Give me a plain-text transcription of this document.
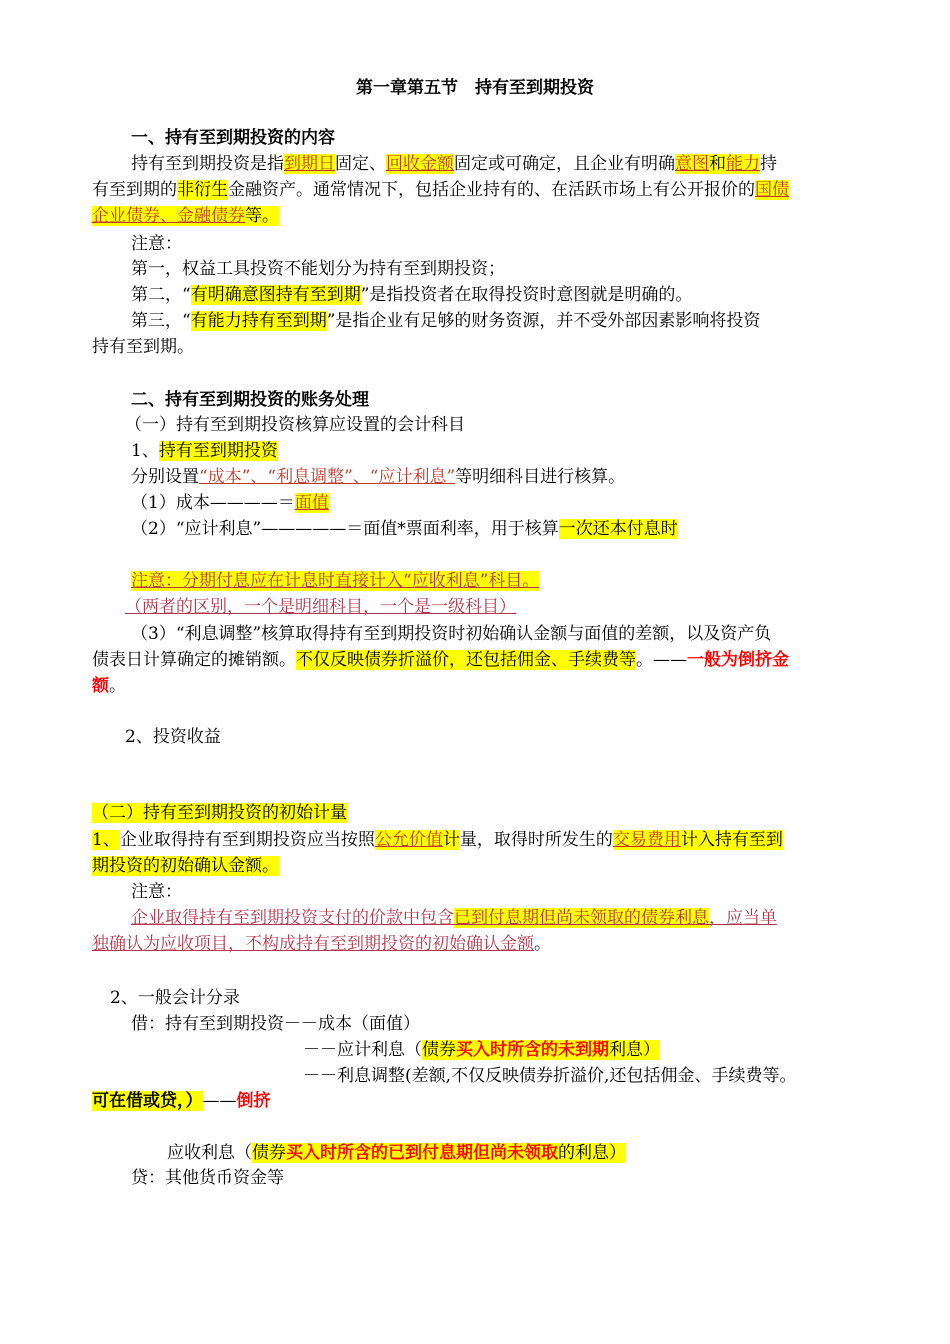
第一章第五节　持有至到期投资
一、持有至到期投资的内容
持有至到期投资是指到期日固定、回收金额固定或可确定，且企业有明确意图和能力持
有至到期的非衍生金融资产。通常情况下，包括企业持有的、在活跃市场上有公开报价的国债
企业债券、金融债券等。
注意：
第一，权益工具投资不能划分为持有至到期投资；
第二，“有明确意图持有至到期”是指投资者在取得投资时意图就是明确的。
第三，“有能力持有至到期”是指企业有足够的财务资源，并不受外部因素影响将投资
持有至到期。
二、持有至到期投资的账务处理
（一）持有至到期投资核算应设置的会计科目
1、持有至到期投资
分别设置“成本”、“利息调整”、“应计利息”等明细科目进行核算。
（1）成本————＝面值
（2）“应计利息”—————＝面值*票面利率，用于核算一次还本付息时
注意：分期付息应在计息时直接计入“应收利息”科目。
（两者的区别，一个是明细科目，一个是一级科目）
（3）“利息调整”核算取得持有至到期投资时初始确认金额与面值的差额，以及资产负
债表日计算确定的摊销额。不仅反映债券折溢价，还包括佣金、手续费等。——一般为倒挤金
额。
2、投资收益
（二）持有至到期投资的初始计量
1、企业取得持有至到期投资应当按照公允价值计量，取得时所发生的交易费用计入持有至到
期投资的初始确认金额。
注意：
企业取得持有至到期投资支付的价款中包含已到付息期但尚未领取的债券利息，应当单
独确认为应收项目，不构成持有至到期投资的初始确认金额。
2、一般会计分录
借：持有至到期投资－－成本（面值）
－－应计利息（债券买入时所含的未到期利息）
－－利息调整(差额,不仅反映债券折溢价,还包括佣金、手续费等。
可在借或贷，）——倒挤
应收利息（债券买入时所含的已到付息期但尚未领取的利息）
贷：其他货币资金等
